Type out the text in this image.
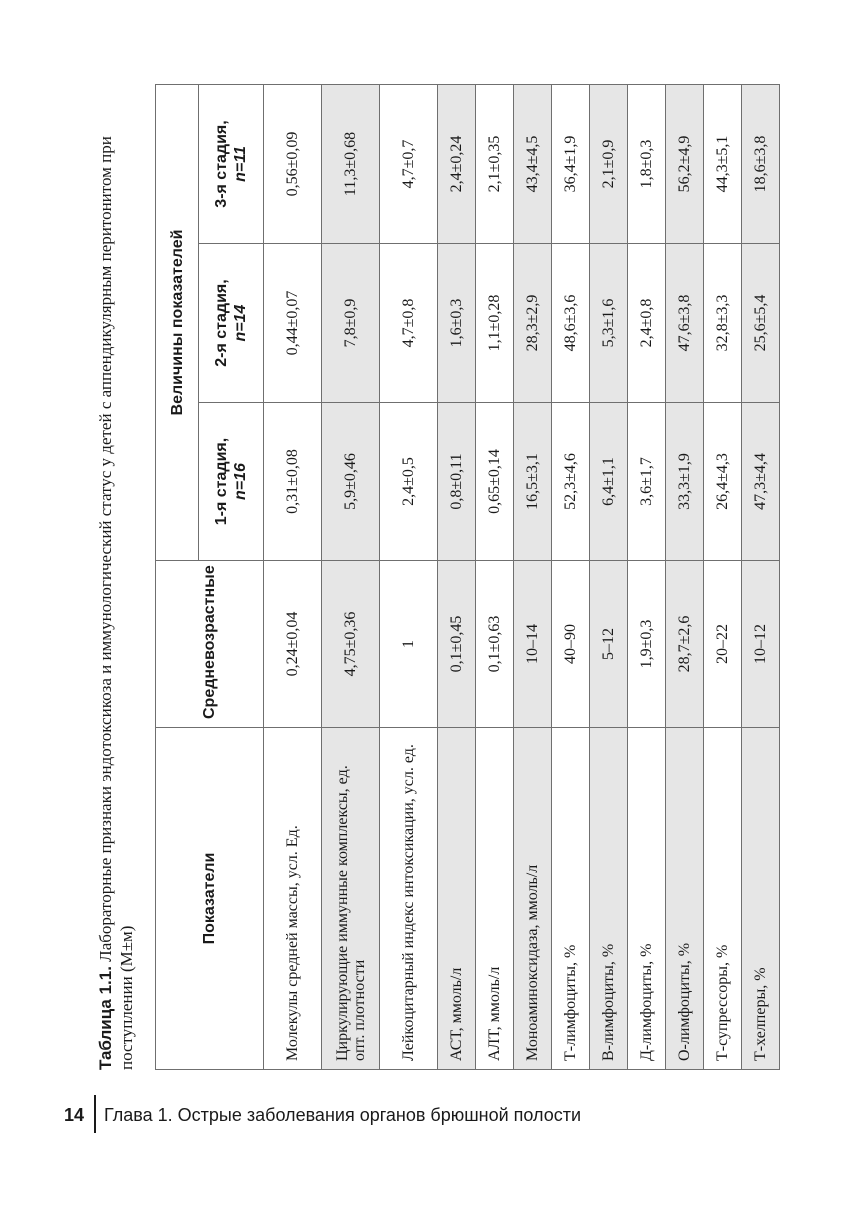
Таблица 1.1. Лабораторные признаки эндотоксикоза и иммунологический статус у детей с аппендикулярным перитонитом при поступлении (M±м)
Показатели	Средневозрастные	Величины показателей		
		1-я стадия, n=16	2-я стадия, n=14	3-я стадия, n=11
Молекулы средней массы, усл. Ед.	0,24±0,04	0,31±0,08	0,44±0,07	0,56±0,09
Циркулирующие иммунные комплексы, ед. опт. плотности	4,75±0,36	5,9±0,46	7,8±0,9	11,3±0,68
Лейкоцитарный индекс интоксикации, усл. ед.	1	2,4±0,5	4,7±0,8	4,7±0,7
АСТ, ммоль/л	0,1±0,45	0,8±0,11	1,6±0,3	2,4±0,24
АЛТ, ммоль/л	0,1±0,63	0,65±0,14	1,1±0,28	2,1±0,35
Моноаминоксидаза, ммоль/л	10–14	16,5±3,1	28,3±2,9	43,4±4,5
Т-лимфоциты, %	40–90	52,3±4,6	48,6±3,6	36,4±1,9
В-лимфоциты, %	5–12	6,4±1,1	5,3±1,6	2,1±0,9
Д-лимфоциты, %	1,9±0,3	3,6±1,7	2,4±0,8	1,8±0,3
О-лимфоциты, %	28,7±2,6	33,3±1,9	47,6±3,8	56,2±4,9
Т-супрессоры, %	20–22	26,4±4,3	32,8±3,3	44,3±5,1
Т-хелперы, %	10–12	47,3±4,4	25,6±5,4	18,6±3,8
14 Глава 1. Острые заболевания органов брюшной полости
